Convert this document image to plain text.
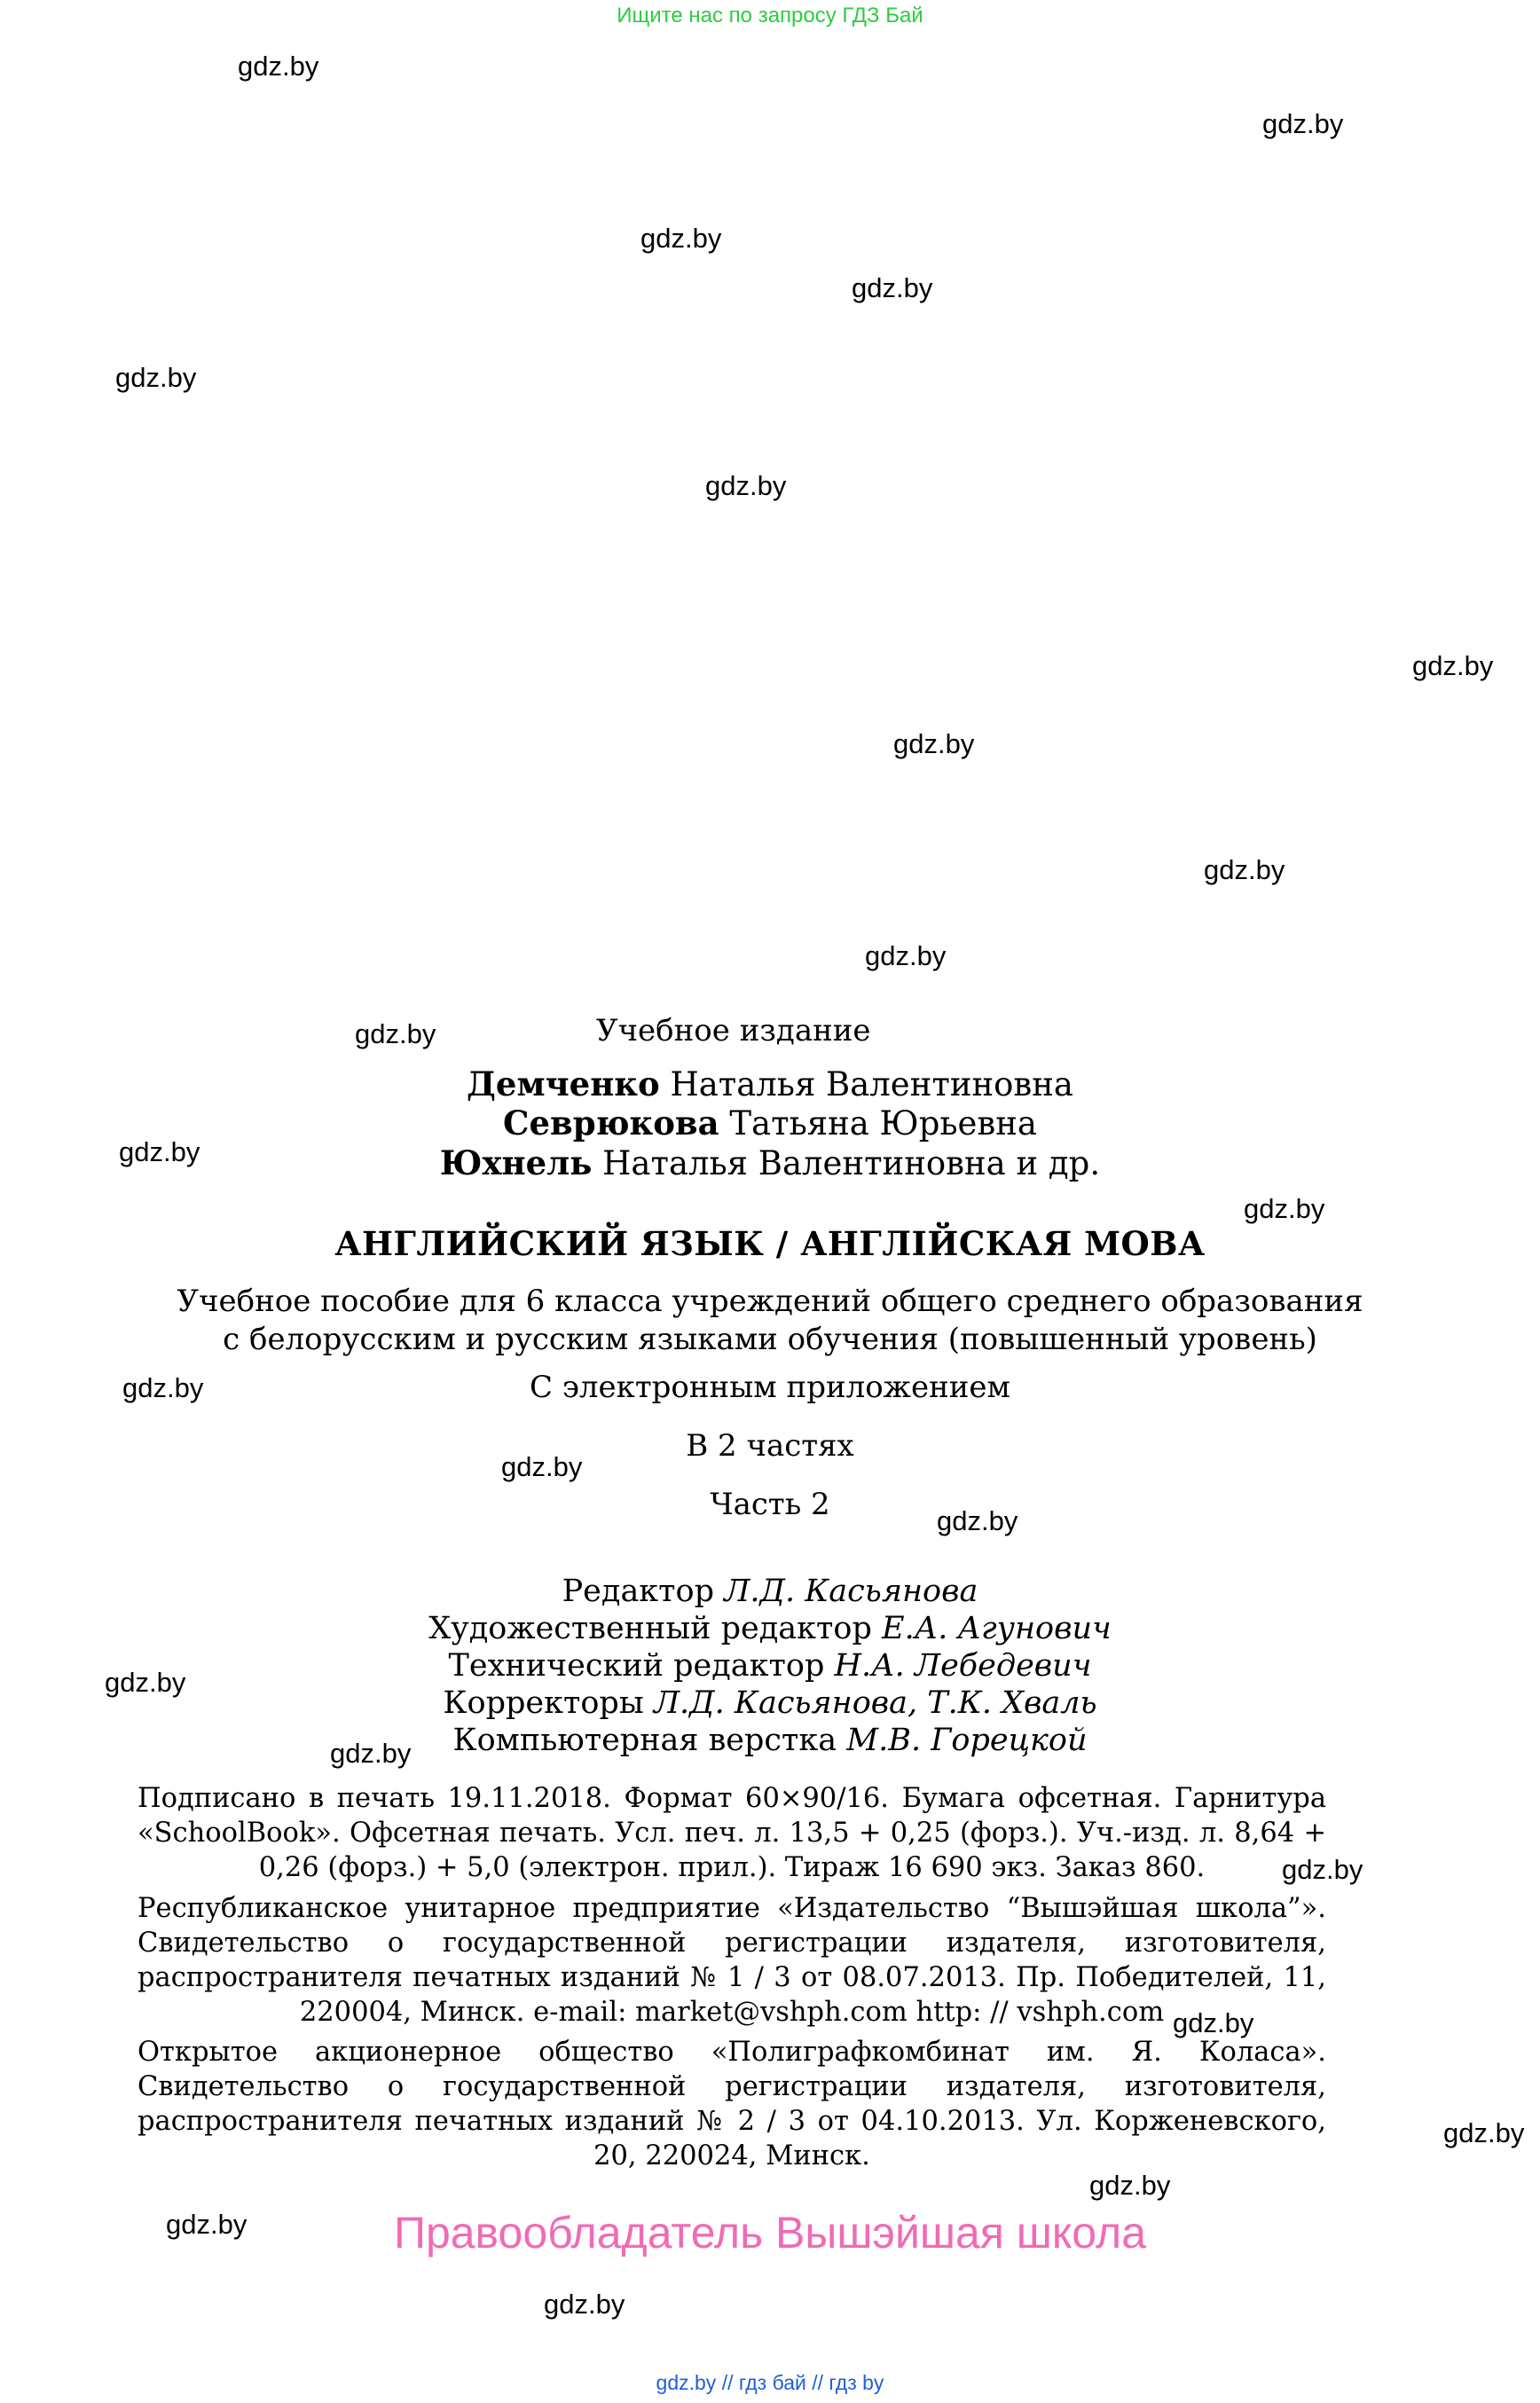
Ищите нас по запросу ГДЗ Бай
gdz.by
gdz.by
gdz.by
gdz.by
gdz.by
gdz.by
gdz.by
gdz.by
gdz.by
gdz.by
gdz.by
gdz.by
gdz.by
gdz.by
gdz.by
gdz.by
gdz.by
gdz.by
gdz.by
gdz.by
gdz.by
gdz.by
gdz.by
gdz.by
Учебное издание
Демченко Наталья Валентиновна
Севрюкова Татьяна Юрьевна
Юхнель Наталья Валентиновна и др.
АНГЛИЙСКИЙ ЯЗЫК / АНГЛIЙСКАЯ МОВА
Учебное пособие для 6 класса учреждений общего среднего образования
с белорусским и русским языками обучения (повышенный уровень)
С электронным приложением
В 2 частях
Часть 2
Редактор Л.Д. Касьянова
Художественный редактор Е.А. Агунович
Технический редактор Н.А. Лебедевич
Корректоры Л.Д. Касьянова, Т.К. Хваль
Компьютерная верстка М.В. Горецкой
Подписано в печать 19.11.2018. Формат 60×90/16. Бумага офсетная. Гарнитура «SchoolBook». Офсетная печать. Усл. печ. л. 13,5 + 0,25 (форз.). Уч.-изд. л. 8,64 + 0,26 (форз.) + 5,0 (электрон. прил.). Тираж 16 690 экз. Заказ 860.
Республиканское унитарное предприятие «Издательство “Вышэйшая школа”». Свидетельство о государственной регистрации издателя, изготовителя, распространителя печатных изданий № 1 / 3 от 08.07.2013. Пр. Победителей, 11, 220004, Минск. e-mail: market@vshph.com http: // vshph.com
Открытое акционерное общество «Полиграфкомбинат им. Я. Коласа». Свидетельство о государственной регистрации издателя, изготовителя, распространителя печатных изданий № 2 / 3 от 04.10.2013. Ул. Корженевского, 20, 220024, Минск.
Правообладатель Вышэйшая школа
gdz.by // гдз бай // гдз by
